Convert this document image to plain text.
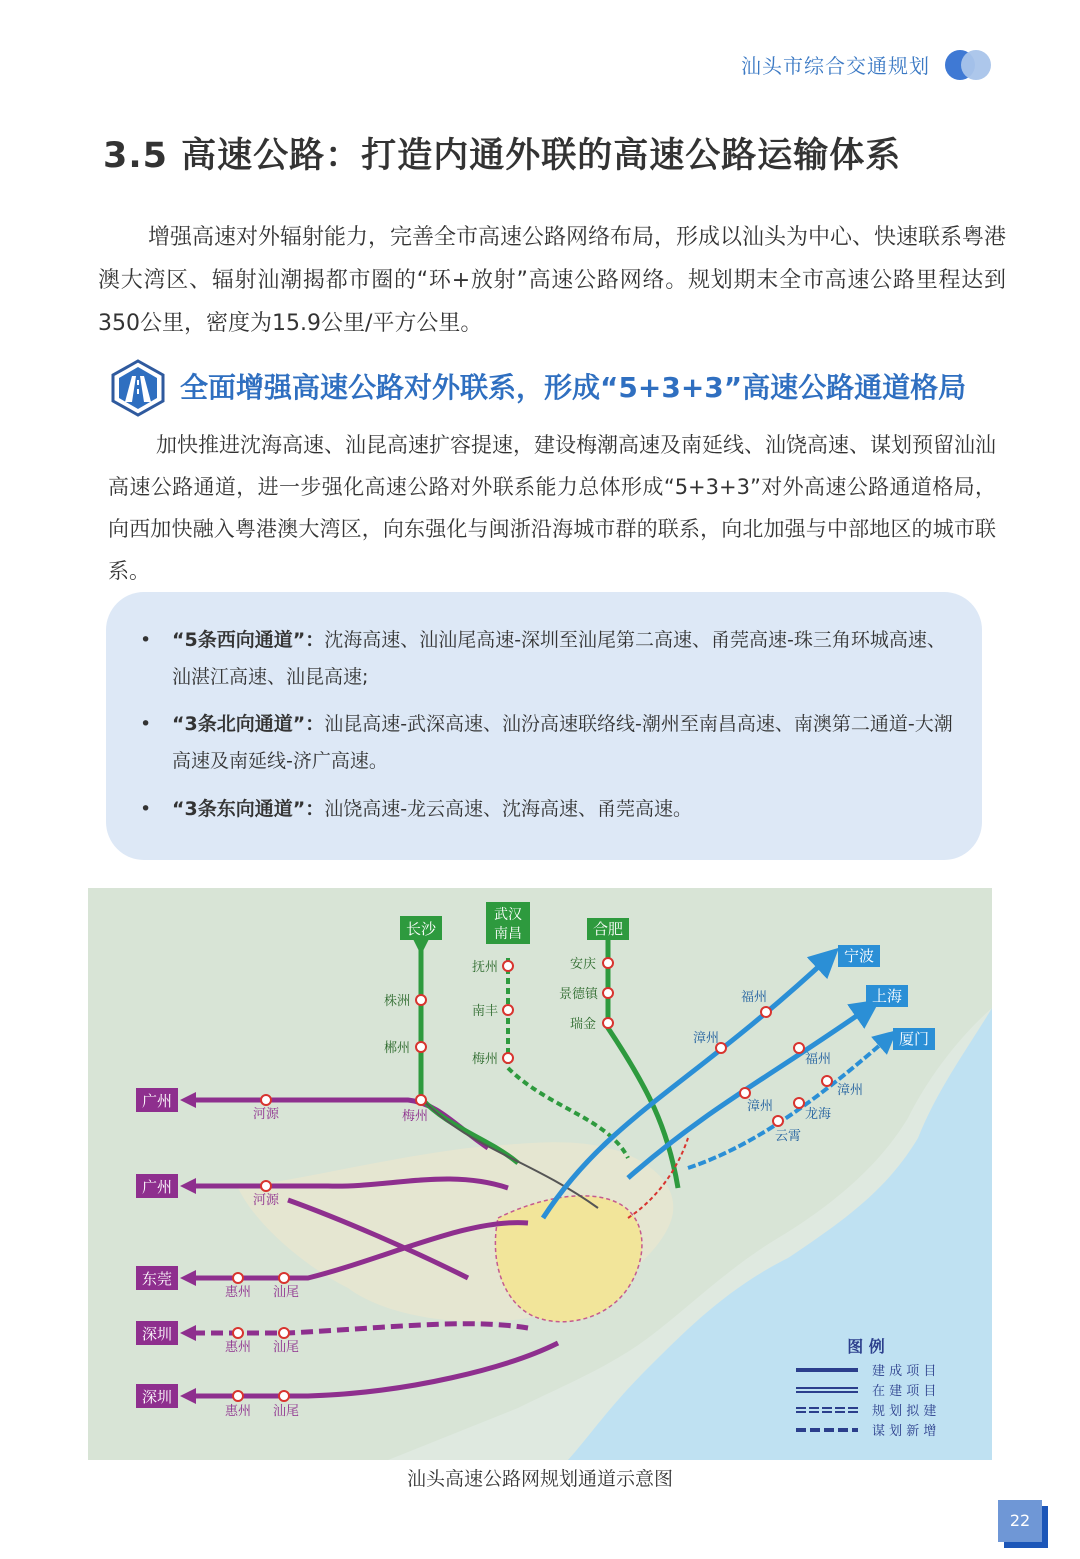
汕头市综合交通规划
3.5 高速公路：打造内通外联的高速公路运输体系
增强高速对外辐射能力，完善全市高速公路网络布局，形成以汕头为中心、快速联系粤港澳大湾区、辐射汕潮揭都市圈的“环+放射”高速公路网络。规划期末全市高速公路里程达到350公里，密度为15.9公里/平方公里。
全面增强高速公路对外联系，形成“5+3+3”高速公路通道格局
加快推进沈海高速、汕昆高速扩容提速，建设梅潮高速及南延线、汕饶高速、谋划预留汕汕高速公路通道，进一步强化高速公路对外联系能力总体形成“5+3+3”对外高速公路通道格局，向西加快融入粤港澳大湾区，向东强化与闽浙沿海城市群的联系，向北加强与中部地区的城市联系。
• “5条西向通道”：沈海高速、汕汕尾高速-深圳至汕尾第二高速、甬莞高速-珠三角环城高速、汕湛江高速、汕昆高速;
• “3条北向通道”：汕昆高速-武深高速、汕汾高速联络线-潮州至南昌高速、南澳第二通道-大潮高速及南延线-济广高速。
• “3条东向通道”：汕饶高速-龙云高速、沈海高速、甬莞高速。
广州
广州
东莞
深圳
深圳
河源
河源
惠州 汕尾
惠州 汕尾
惠州 汕尾
长沙
武汉
南昌	合肥
株洲
郴州
梅州
抚州
南丰
梅州
安庆
景德镇
瑞金
宁波
上海
厦门
福州
漳州
福州
漳州
漳州
龙海
云霄
图 例
建 成 项 目
在 建 项 目
规 划 拟 建
谋 划 新 增
汕头高速公路网规划通道示意图
22
